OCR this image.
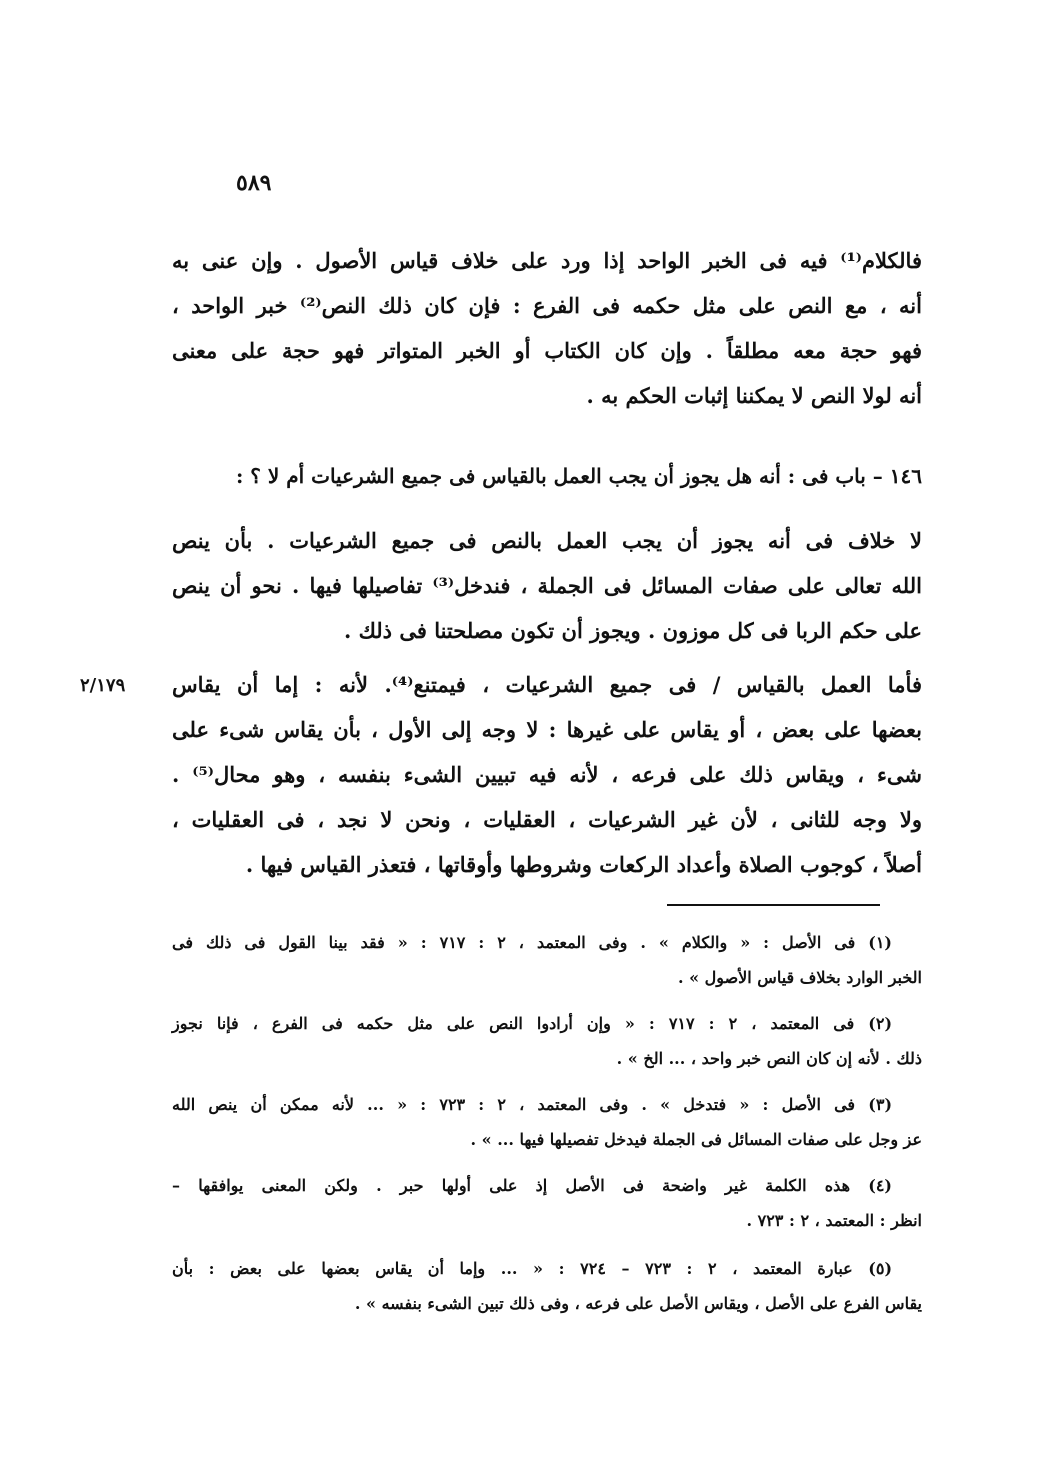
٥٨٩

فالكلام⁽¹⁾ فيه فى الخبر الواحد إذا ورد على خلاف قياس الأصول . وإن عنى به
أنه ، مع النص على مثل حكمه فى الفرع : فإن كان ذلك النص⁽²⁾ خبر الواحد ،
فهو حجة معه مطلقاً . وإن كان الكتاب أو الخبر المتواتر فهو حجة على معنى
أنه لولا النص لا يمكننا إثبات الحكم به .

١٤٦ – باب فى : أنه هل يجوز أن يجب العمل بالقياس فى جميع الشرعيات أم لا ؟ :

لا خلاف فى أنه يجوز أن يجب العمل بالنص فى جميع الشرعيات . بأن ينص
الله تعالى على صفات المسائل فى الجملة ، فندخل⁽³⁾ تفاصيلها فيها . نحو أن ينص
على حكم الربا فى كل موزون . ويجوز أن تكون مصلحتنا فى ذلك .

٢/١٧٩ فأما العمل بالقياس / فى جميع الشرعيات ، فيمتنع⁽⁴⁾. لأنه : إما أن يقاس
بعضها على بعض ، أو يقاس على غيرها : لا وجه إلى الأول ، بأن يقاس شىء على
شىء ، ويقاس ذلك على فرعه ، لأنه فيه تبيين الشىء بنفسه ، وهو محال⁽⁵⁾ .
ولا وجه للثانى ، لأن غير الشرعيات ، العقليات ، ونحن لا نجد ، فى العقليات ،
أصلاً ، كوجوب الصلاة وأعداد الركعات وشروطها وأوقاتها ، فتعذر القياس فيها .

(١) فى الأصل : « والكلام » . وفى المعتمد ، ٢ : ٧١٧ : « فقد بينا القول فى ذلك فى
الخبر الوارد بخلاف قياس الأصول » .

(٢) فى المعتمد ، ٢ : ٧١٧ : « وإن أرادوا النص على مثل حكمه فى الفرع ، فإنا نجوز
ذلك . لأنه إن كان النص خبر واحد ، ... الخ » .

(٣) فى الأصل : « فتدخل » . وفى المعتمد ، ٢ : ٧٢٣ : « ... لأنه ممكن أن ينص الله
عز وجل على صفات المسائل فى الجملة فيدخل تفصيلها فيها ... » .

(٤) هذه الكلمة غير واضحة فى الأصل إذ على أولها حبر . ولكن المعنى يوافقها –
انظر : المعتمد ، ٢ : ٧٢٣ .

(٥) عبارة المعتمد ، ٢ : ٧٢٣ – ٧٢٤ : « ... وإما أن يقاس بعضها على بعض : بأن
يقاس الفرع على الأصل ، ويقاس الأصل على فرعه ، وفى ذلك تبين الشىء بنفسه » .
